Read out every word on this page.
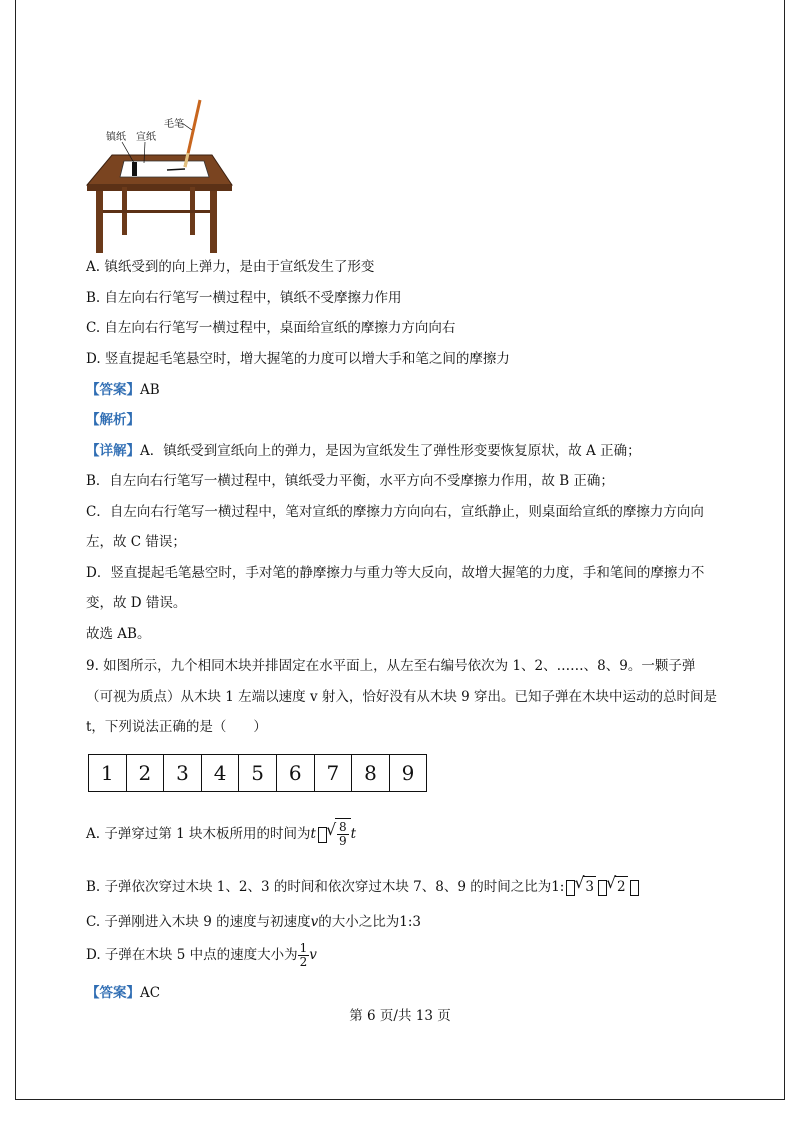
镇纸 宣纸
毛笔
A. 镇纸受到的向上弹力，是由于宣纸发生了形变
B. 自左向右行笔写一横过程中，镇纸不受摩擦力作用
C. 自左向右行笔写一横过程中，桌面给宣纸的摩擦力方向向右
D. 竖直提起毛笔悬空时，增大握笔的力度可以增大手和笔之间的摩擦力
【答案】AB
【解析】
【详解】A．镇纸受到宣纸向上的弹力，是因为宣纸发生了弹性形变要恢复原状，故 A 正确；
B．自左向右行笔写一横过程中，镇纸受力平衡，水平方向不受摩擦力作用，故 B 正确；
C．自左向右行笔写一横过程中，笔对宣纸的摩擦力方向向右，宣纸静止，则桌面给宣纸的摩擦力方向向
左，故 C 错误；
D．竖直提起毛笔悬空时，手对笔的静摩擦力与重力等大反向，故增大握笔的力度，手和笔间的摩擦力不
变，故 D 错误。
故选 AB。
9. 如图所示，九个相同木块并排固定在水平面上，从左至右编号依次为 1、2、……、8、9。一颗子弹
（可视为质点）从木块 1 左端以速度 v 射入，恰好没有从木块 9 穿出。已知子弹在木块中运动的总时间是
t，下列说法正确的是（　　）
1	2	3	4	5	6	7	8	9
A. 子弹穿过第 1 块木板所用的时间为t √ $\frac{8}{9}$ t
B. 子弹依次穿过木块 1、2、3 的时间和依次穿过木块 7、8、9 的时间之比为1: √ 3 √ 2
C. 子弹刚进入木块 9 的速度与初速度v的大小之比为1:3
D. 子弹在木块 5 中点的速度大小为 $\frac{1}{2}$ v
【答案】AC
第 6 页/共 13 页
